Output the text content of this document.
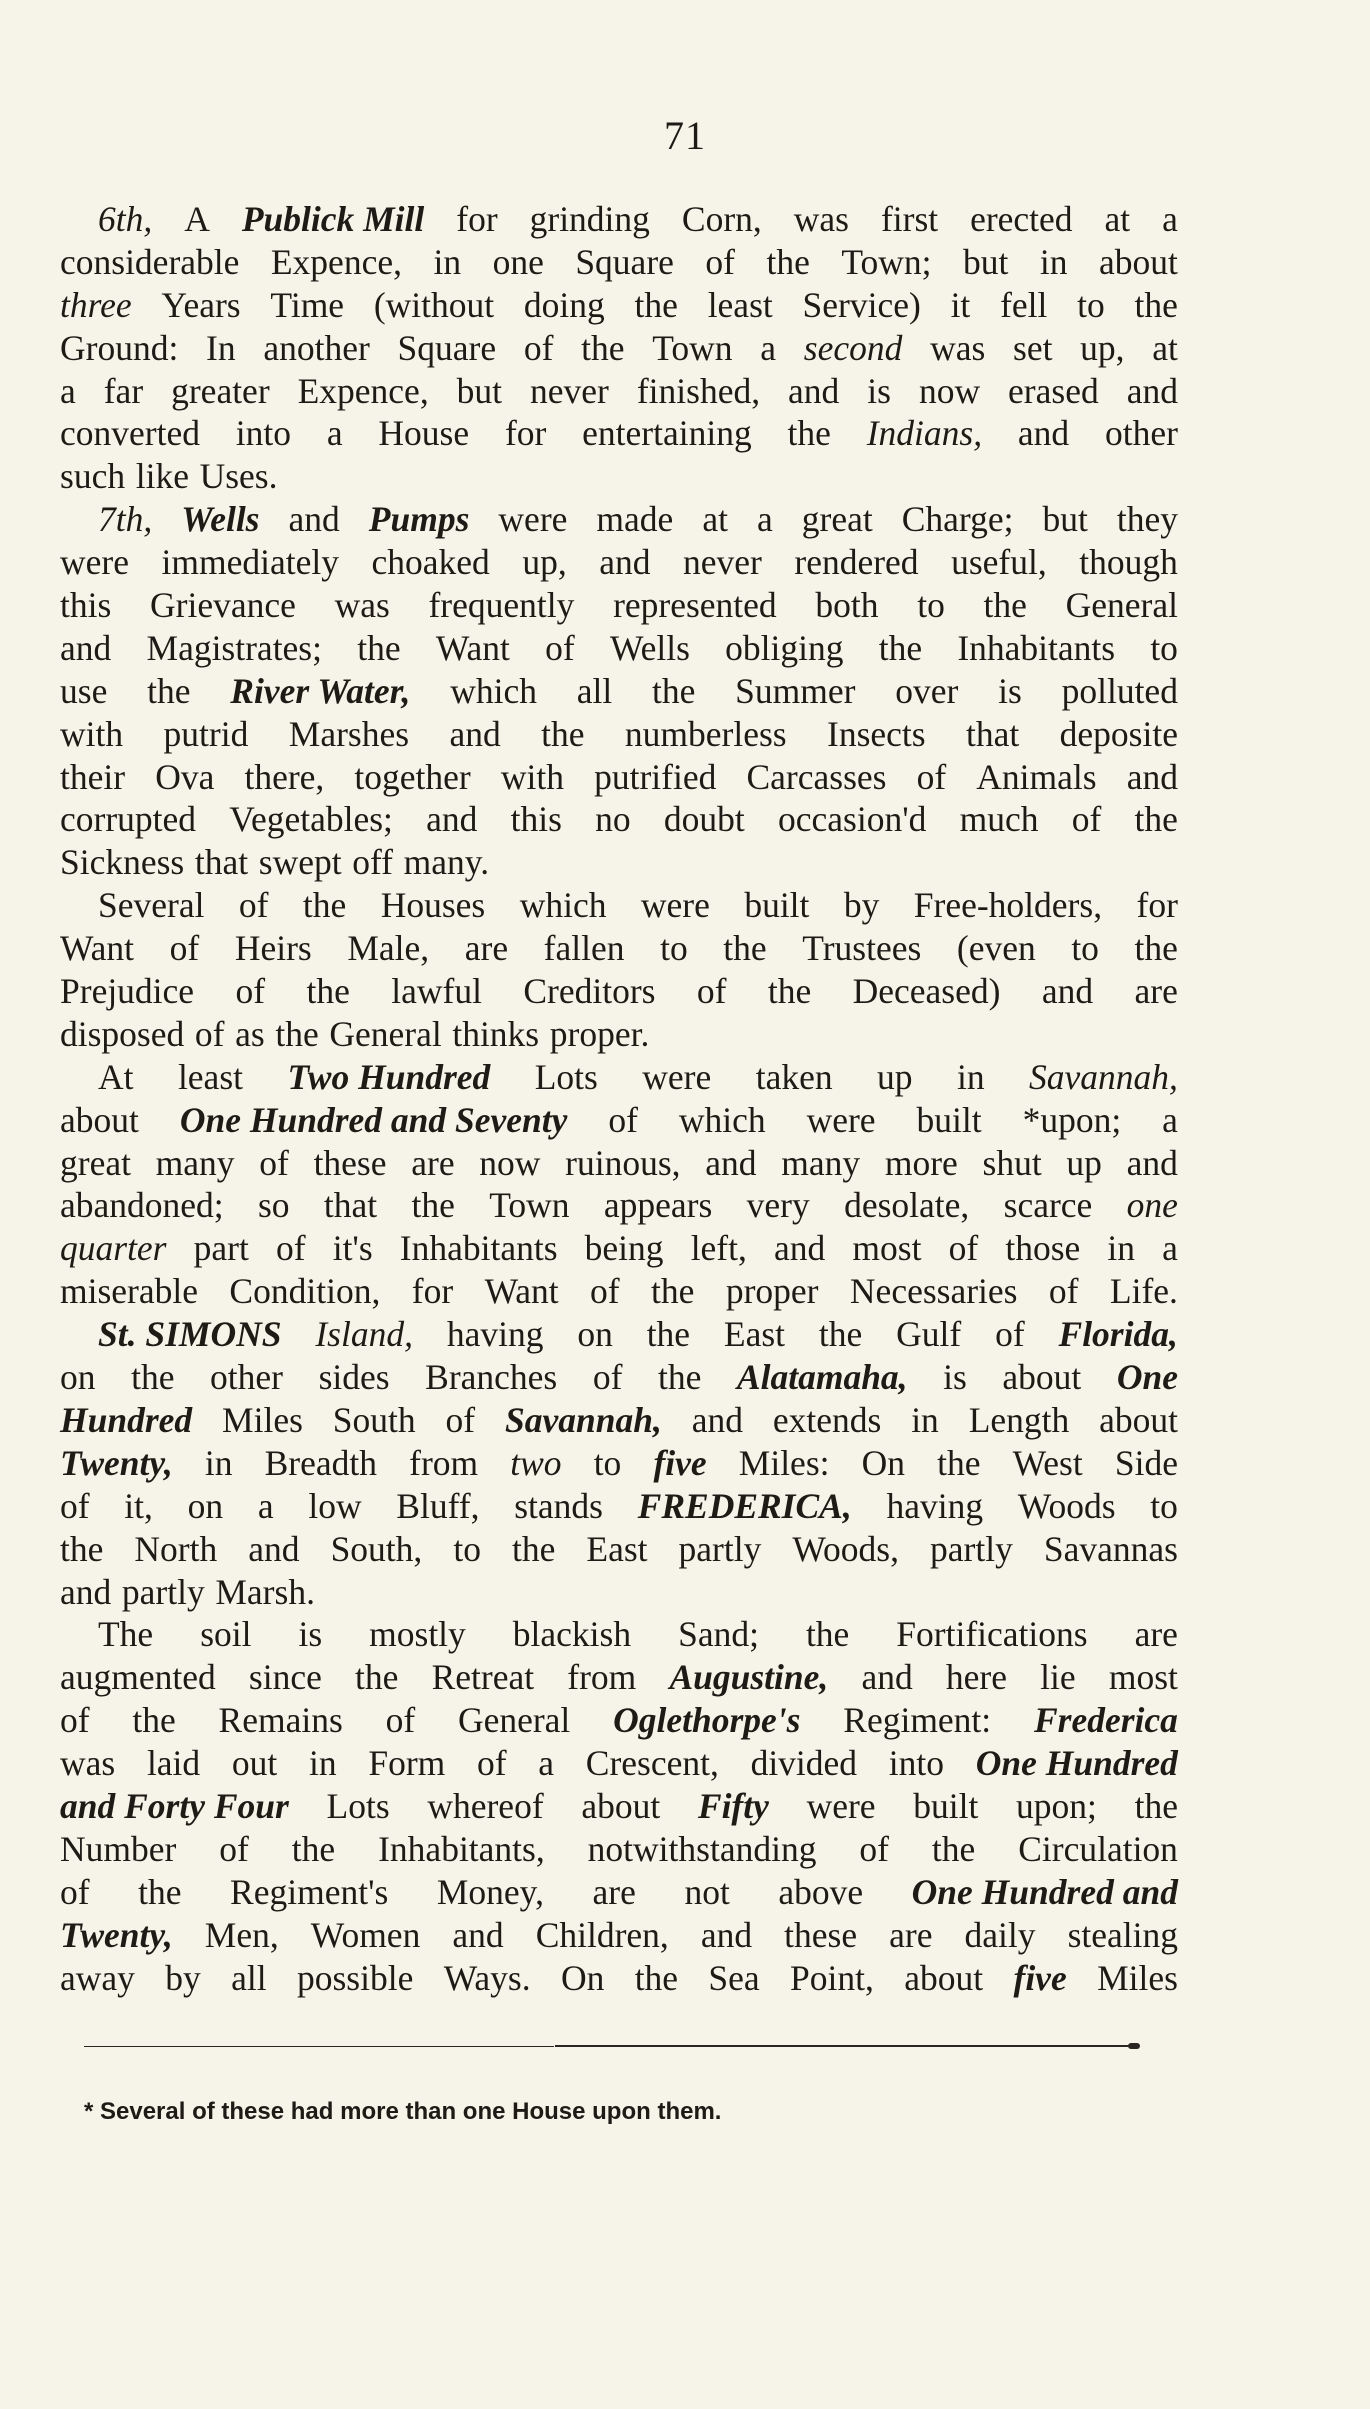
71
6th, A Publick Mill for grinding Corn, was first erected at a
considerable Expence, in one Square of the Town; but in about
three Years Time (without doing the least Service) it fell to the
Ground: In another Square of the Town a second was set up, at
a far greater Expence, but never finished, and is now erased and
converted into a House for entertaining the Indians, and other
such like Uses.
7th, Wells and Pumps were made at a great Charge; but they
were immediately choaked up, and never rendered useful, though
this Grievance was frequently represented both to the General
and Magistrates; the Want of Wells obliging the Inhabitants to
use the River Water, which all the Summer over is polluted
with putrid Marshes and the numberless Insects that deposite
their Ova there, together with putrified Carcasses of Animals and
corrupted Vegetables; and this no doubt occasion'd much of the
Sickness that swept off many.
Several of the Houses which were built by Free-holders, for
Want of Heirs Male, are fallen to the Trustees (even to the
Prejudice of the lawful Creditors of the Deceased) and are
disposed of as the General thinks proper.
At least Two Hundred Lots were taken up in Savannah,
about One Hundred and Seventy of which were built *upon; a
great many of these are now ruinous, and many more shut up and
abandoned; so that the Town appears very desolate, scarce one
quarter part of it's Inhabitants being left, and most of those in a
miserable Condition, for Want of the proper Necessaries of Life.
St. SIMONS Island, having on the East the Gulf of Florida,
on the other sides Branches of the Alatamaha, is about One
Hundred Miles South of Savannah, and extends in Length about
Twenty, in Breadth from two to five Miles: On the West Side
of it, on a low Bluff, stands FREDERICA, having Woods to
the North and South, to the East partly Woods, partly Savannas
and partly Marsh.
The soil is mostly blackish Sand; the Fortifications are
augmented since the Retreat from Augustine, and here lie most
of the Remains of General Oglethorpe's Regiment: Frederica
was laid out in Form of a Crescent, divided into One Hundred
and Forty Four Lots whereof about Fifty were built upon; the
Number of the Inhabitants, notwithstanding of the Circulation
of the Regiment's Money, are not above One Hundred and
Twenty, Men, Women and Children, and these are daily stealing
away by all possible Ways. On the Sea Point, about five Miles
* Several of these had more than one House upon them.
